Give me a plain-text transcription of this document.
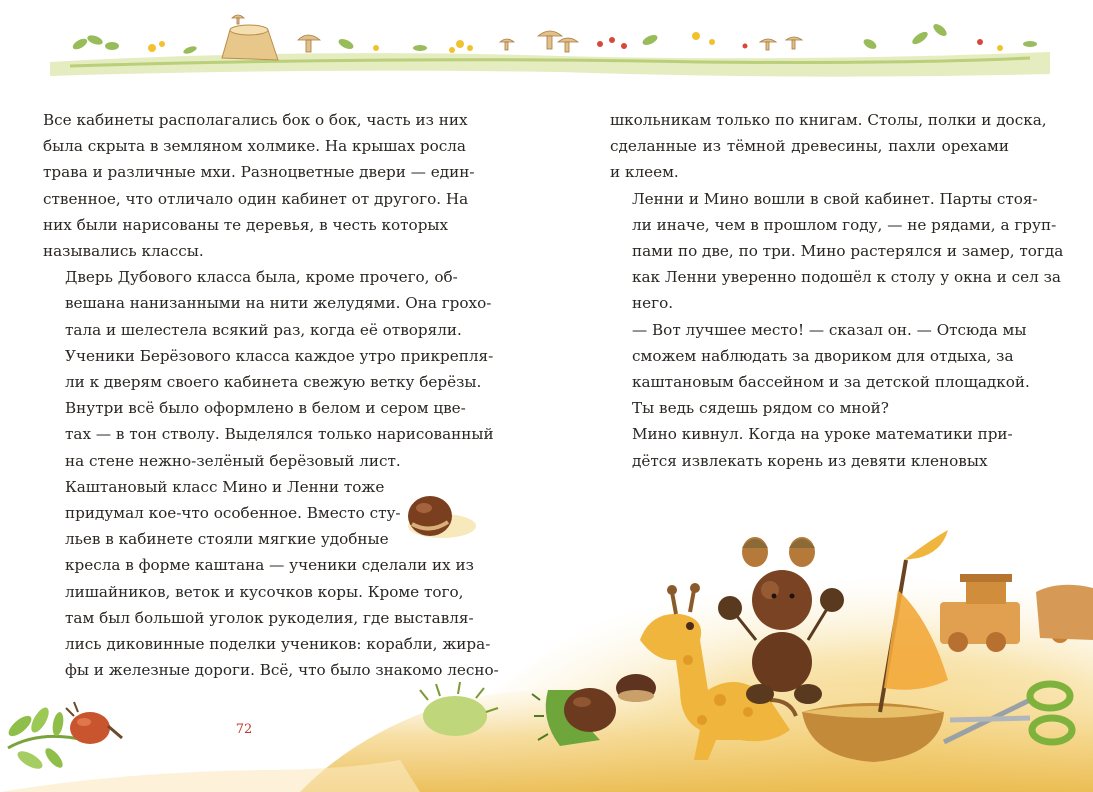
Все кабинеты располагались бок о бок, часть из них
была скрыта в земляном холмике. На крышах росла
трава и различные мхи. Разноцветные двери — един-
ственное, что отличало один кабинет от другого. На
них были нарисованы те деревья, в честь которых
назывались классы.

Дверь Дубового класса была, кроме прочего, об-
вешана нанизанными на нити желудями. Она грохо-
тала и шелестела всякий раз, когда её отворяли.
Ученики Берёзового класса каждое утро прикрепля-
ли к дверям своего кабинета свежую ветку берёзы.
Внутри всё было оформлено в белом и сером цве-
тах — в тон стволу. Выделялся только нарисованный
на стене нежно-зелёный берёзовый лист.

Каштановый класс Мино и Ленни тоже
придумал кое-что особенное. Вместо сту-
льев в кабинете стояли мягкие удобные
кресла в форме каштана — ученики сделали их из
лишайников, веток и кусочков коры. Кроме того,
там был большой уголок рукоделия, где выставля-
лись диковинные поделки учеников: корабли, жира-
фы и железные дороги. Всё, что было знакомо лесно-

школьникам только по книгам. Столы, полки и доска,
сделанные из тёмной древесины, пахли орехами
и клеем.

Ленни и Мино вошли в свой кабинет. Парты стоя-
ли иначе, чем в прошлом году, — не рядами, а груп-
пами по две, по три. Мино растерялся и замер, тогда
как Ленни уверенно подошёл к столу у окна и сел за
него.

— Вот лучшее место! — сказал он. — Отсюда мы
сможем наблюдать за двориком для отдыха, за
каштановым бассейном и за детской площадкой.
Ты ведь сядешь рядом со мной?

Мино кивнул. Когда на уроке математики при-
дётся извлекать корень из девяти кленовых

72
